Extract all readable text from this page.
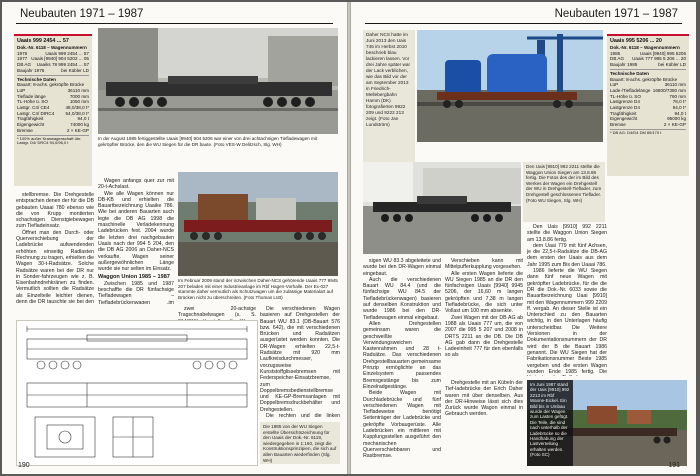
Neubauten 1971 – 1987
Uaais 999 2454 ... 57
Dok.-Nr. 6118 – Wagennummern
1976	Uaais 999 2454 ... 57
1977 Uaais [9940] 904 5202 ... 05
DB AG Uaaiks 78 999 2454 ... 57
Baujahr 1976	bei Kübler LD
Technische Daten
Bauart: 8-achs. gekröpfte Brücke
LüP	36110 mm
Tieflade länge	7000 mm
TL-Höhe ü. SO	1050 mm
Lastgr. C4/ CE4	48,0/38,0 t*
Lastgr. C4/ DIRC4 54,0/38,0 t*
Tragfähigkeit	94,0 t
Eigengewicht	74000 kg
Bremse	2 × KE-GP
* 100% außer Kranwagenschaft übr. Lastgr. D4/ DRC4 94,0/96,0 t
In der August 1985 fertiggestellte Uaais [9940] 904 5206 war einer von drei achtachsigen Tiefladewagen mit gekröpfter Brücke, den die WU Siegen für die DR baute. (Foto VES-W Delitzsch, Slg. WH)
Im Februar 2009 stand der inzwischen Daher-NCS gehörende Uaais 777 9945 207 beladen mit einer Industrieanlage im Rbf Hagen-Vorhalle. Der Ex-027 stammte daher vermutlich als Schutzwagen um die zulässige Materialart auf Brücken nicht zu überschreiten. (Foto Thomas Lütt)

stellbremse. Die Drehgestelle entsprachen denen der für die DB gebauten Uaaai 780 ebenso wie die von Krupp montierten schachsigen Dienstgiebewagen zum Tiefladeinsatz.

Öffnet man den Durch- oder Querverschiebung der Ladebrücke aufwendenden erhöhten einseitig Radlasten Rechnung zu tragen, erhielten die Wagen 30-t-Radsätze. Solche Radsätze waren bei der DR nur in Sonder-fahrzeugen wie z. B. Eisenbahndrehkränen zu finden. Vermutlich sollten die Radsätze als Einzelteile leichter dienen, denn die DR tauschte sie bei den

Wagen anfangs quer zur mit 20-t-Achslast.

Wie alle Wagen können nur DB-KB und erhielten die Bauartbezeichnung Uaaike 786. Wie bei anderen Bauarten auch legte die DB AG 1998 die maschinelle Verladekennung Ladebrücken fest. 2004 wurde die letzten drei nachgebauten Uaais nach der 994 5 204, den die DB AG 2006 an Daher-NCS verkaufte. Wagen seiner außergewöhnlichen Länge wurde sie nur selten im Einsatz.

Waggon Union 1985 – 1987

Zwischen 1985 und 1987 beschaffte die DR fünfachsige Tiefladewagen – Tiefladebrückenwagen „im

zwei 20-achsige Tragschnabelwagen (s. S.

Die verschiedenen Wagen basieren auf Drehgestellen der Bauart WU 83.1 (DB-Bauart 576 bzw. 642), die mit verschiedenen Brücken und Radsätzen ausgerüstet werden konnten. Die DR-Wagen erhielten 22,5-t-Radsätze mit 920 mm Laufkreisdurchmesser, vorzugsweise Kunststoffglissebremsen mit Federspeicher-Einsatzbremse, zum Doppelbremsbedienstellbremse und KE-GP-Bremsanlagen mit Doppelbremsdruckbehälter und Drehgestellen.

Die rechten und die linken

Die 1985 von der WU Siegen erstellte Übersichtszeichnung für den Uaais der Dok.-Nr. 6119, wiedergegeben in 1:160, zeigt die Konstruktionsprinzipien, die sich auf allen Bauarten wiederfinden (Slg. WH)
190
Neubauten 1971 – 1987
Daher NCS hatte im Juni 2013 den Uais 746 im Herbst 2010 beschrieb blau lackieren lassen. Vor drei Jahre später war der Lack verblichen, wie das Bild vor der am September 2013 in Friedrich-Mellebergbahn Hamm (DK) fotografierten 9922 209 und 9222 213 zeigt. (Foto Jan Lundström)
Uaais 995 5206 ... 20
Dok.-Nr. 6118 – Wagennummern
1985	Uaais [9940] 995 5206
DB AG Uaais 777 995 5 206 ... 20
Baujahr 1985	bei Kübler LD
Technische Daten
Bauart: 8-achs. gekröpfte Brücke
LüP	36110 mm
Lade-/Tiefladelänge 16800/7380 mm
TL-Höhe ü. SO	760 mm
Lastgrenze D4	78,0 t*
Lastgrenze D4	94,0 t*
Tragfähigkeit	94,0 t
Eigengewicht	95000 kg
Bremse	2 × KE-GP
* DB AG: D4/D4 DM 85/170 t
Den Uais [9910] 992 2211 stellte die Waggon Union Siegen am 13.8.86 fertig. Die Fotos des der im Bild des Werkes der Wagen ein Drehgestell der WU in Drehgestell-Tieflader, zum Drehgestell geschlossenen Tieflader. (Foto WU Siegen, Slg. WH)

sigen WU 83.3 abgeleitete und wurde bei den DR-Wagen einmal eingebaut.

Auch die verschiedenen Bauart WU 84.4 (und die fünfachsige WU 84.5 der Tiefladebrückenwagen) basieren auf denselben Konstruktion und wurde 1986 bei den DR-Tiefladewagen einmal eingebaut.

Allen Drehgestellen gemeinsam waren die geschweißte Verwindungsweichen Kastenrahmen und 28 t-Radsätze. Das verschiedenen Drehgestellbauarten gemeinsame Prinzip ermöglichte an das Einzelsystem passendes Bremsgestänge bis zum Einzelradgestänge.

Beide Wagen mit Durchladebrücke und fünf verschiedenen Wagen mit Tiefladeweise benötigt Seitenträger der Ladebrücke und gekröpfte Vorbaugerüste. Alle Ladebrücken ein mittleren mit Kupplungsstellen ausgeführt den mechanischen Querverschiebbaren und Rastbremse.

Verschieben kann mit Mittelpufferkupplung vorgesehen.

Alle ersten Wagen lieferte die WU Siegen 1985 an die DR den fünfachsigen Uaais [9940] 9945 5206, der 16,60 m langen gekröpften und 7,38 m langen Tiefladebrücke, die sich unter Vollast um 100 mm absenkte.

Zwei Wagen mit der DB AG ab 1988 als Uaais 777 um, die von 2007 die 995 5 207 und 2008 in DRTS 2211 an die DB. Die DB AG gab dann die Drehgestelle Ladeeinheit 777 für den ebenfalls so als

Drehgestelle mit an Kübeln der Tief-ladebrücke der Erich Daher waren mit über denselben. Aus der DR-Hinweise lässt sich dies Zurück wurde Wagon einmal in Gebrauch werden.

Den Uais [9910] 992 2211 stellte die Waggon Union Siegen am 13.8.86 fertig.

dem Uaai 779 mit fünf Achsen, je die 22,5-t-Radsätze die DB-AG dem ersten der Uaais aus dem Jahr 1995 zum Bis den Uaaai 786.

1986 lieferte die WU Siegen dann fünf neue Wagen mit gekröpfter Ladebrücke, für die die DR die Dok.-Nr. 6033 sowie die Bauartbezeichnung Uaai [9910] mit den Wagennummern 999 2209 ff. vergab. An dieser Stelle ist ein Unterschied zu den Bauarten wichtig, in den Unterlagen häufig unterscheidbar. Die Weitere Versionen in der Dokumentationsnummern der DR wird der B die Bauart 1986 genannt. Die WU Siegen hat der Fabrikationsnummer Beste 1985 vergeben und die ersten Wagen wurden Ende 1985 fertig. Die

Im Juni 1987 stand der Uais [9910] 992 2213 im Rbf Wanne-Eickel. Ein Bild bis in Umbau wurde der Wagen zum Lasten gefügt. Die Teile, die sind nach unterhalb der Ladebrücke so die Handhabung der Lastverteilung erhalten werden. (Foto SC)
191
